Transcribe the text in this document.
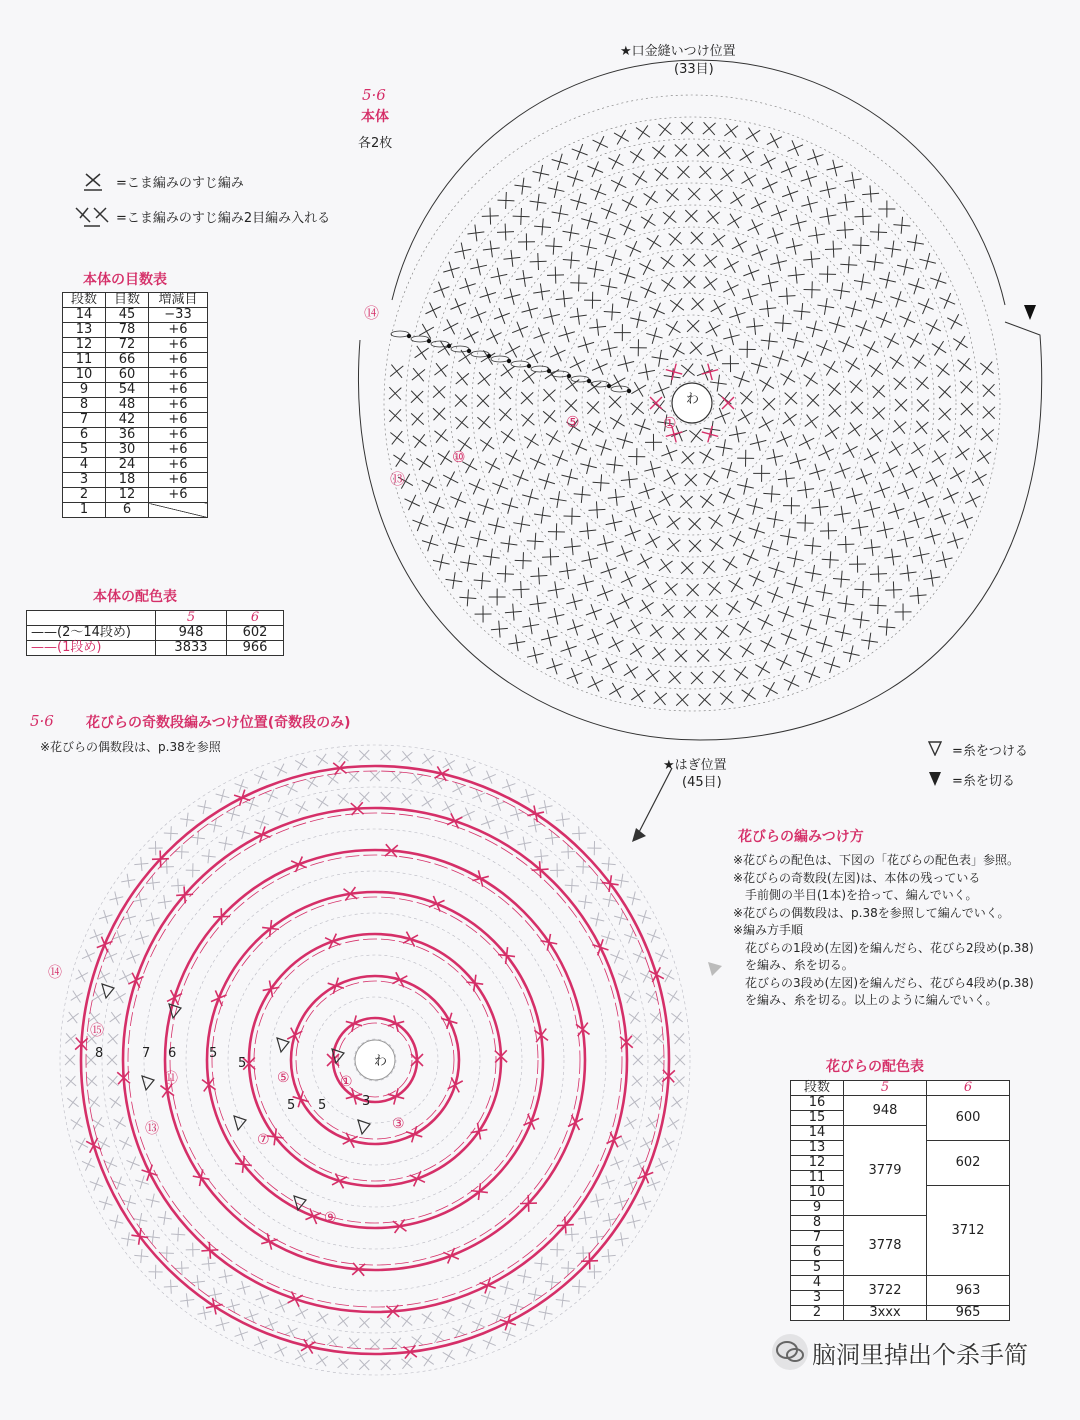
★口金縫いつけ位置
(33目)
5·6
本体
各2枚
わ
⑭
①
⑤
⑩
⑬
★はぎ位置
(45目)
=こま編みのすじ編み
=こま編みのすじ編み2目編み入れる
本体の目数表
段数	目数	増減目
14	45	−33
13	78	+6
12	72	+6
11	66	+6
10	60	+6
9	54	+6
8	48	+6
7	42	+6
6	36	+6
5	30	+6
4	24	+6
3	18	+6
2	12	+6
1	6	
本体の配色表
	5	6
——(2〜14段め)	948	602
——(1段め)	3833	966
5·6 花びらの奇数段編みつけ位置(奇数段のみ)
※花びらの偶数段は、p.38を参照
わ
⑭
⑮
⑪
⑬
⑤
⑦
⑨
①
③
8	7 6	5
5
5 5	3
=糸をつける
=糸を切る
花びらの編みつけ方
※花びらの配色は、下図の「花びらの配色表」参照。
※花びらの奇数段(左図)は、本体の残っている
　手前側の半目(1本)を拾って、編んでいく。
※花びらの偶数段は、p.38を参照して編んでいく。
※編み方手順
　花びらの1段め(左図)を編んだら、花びら2段め(p.38)
　を編み、糸を切る。
　花びらの3段め(左図)を編んだら、花びら4段め(p.38)
　を編み、糸を切る。以上のように編んでいく。
花びらの配色表
段数	5	6
16	948	600
15		
14	3779	
13		602
12		
11		
10		3712
9		
8	3778	
7		
6		
5		
4	3722	963
3		
2	3xxx	965
脑洞里掉出个杀手简
